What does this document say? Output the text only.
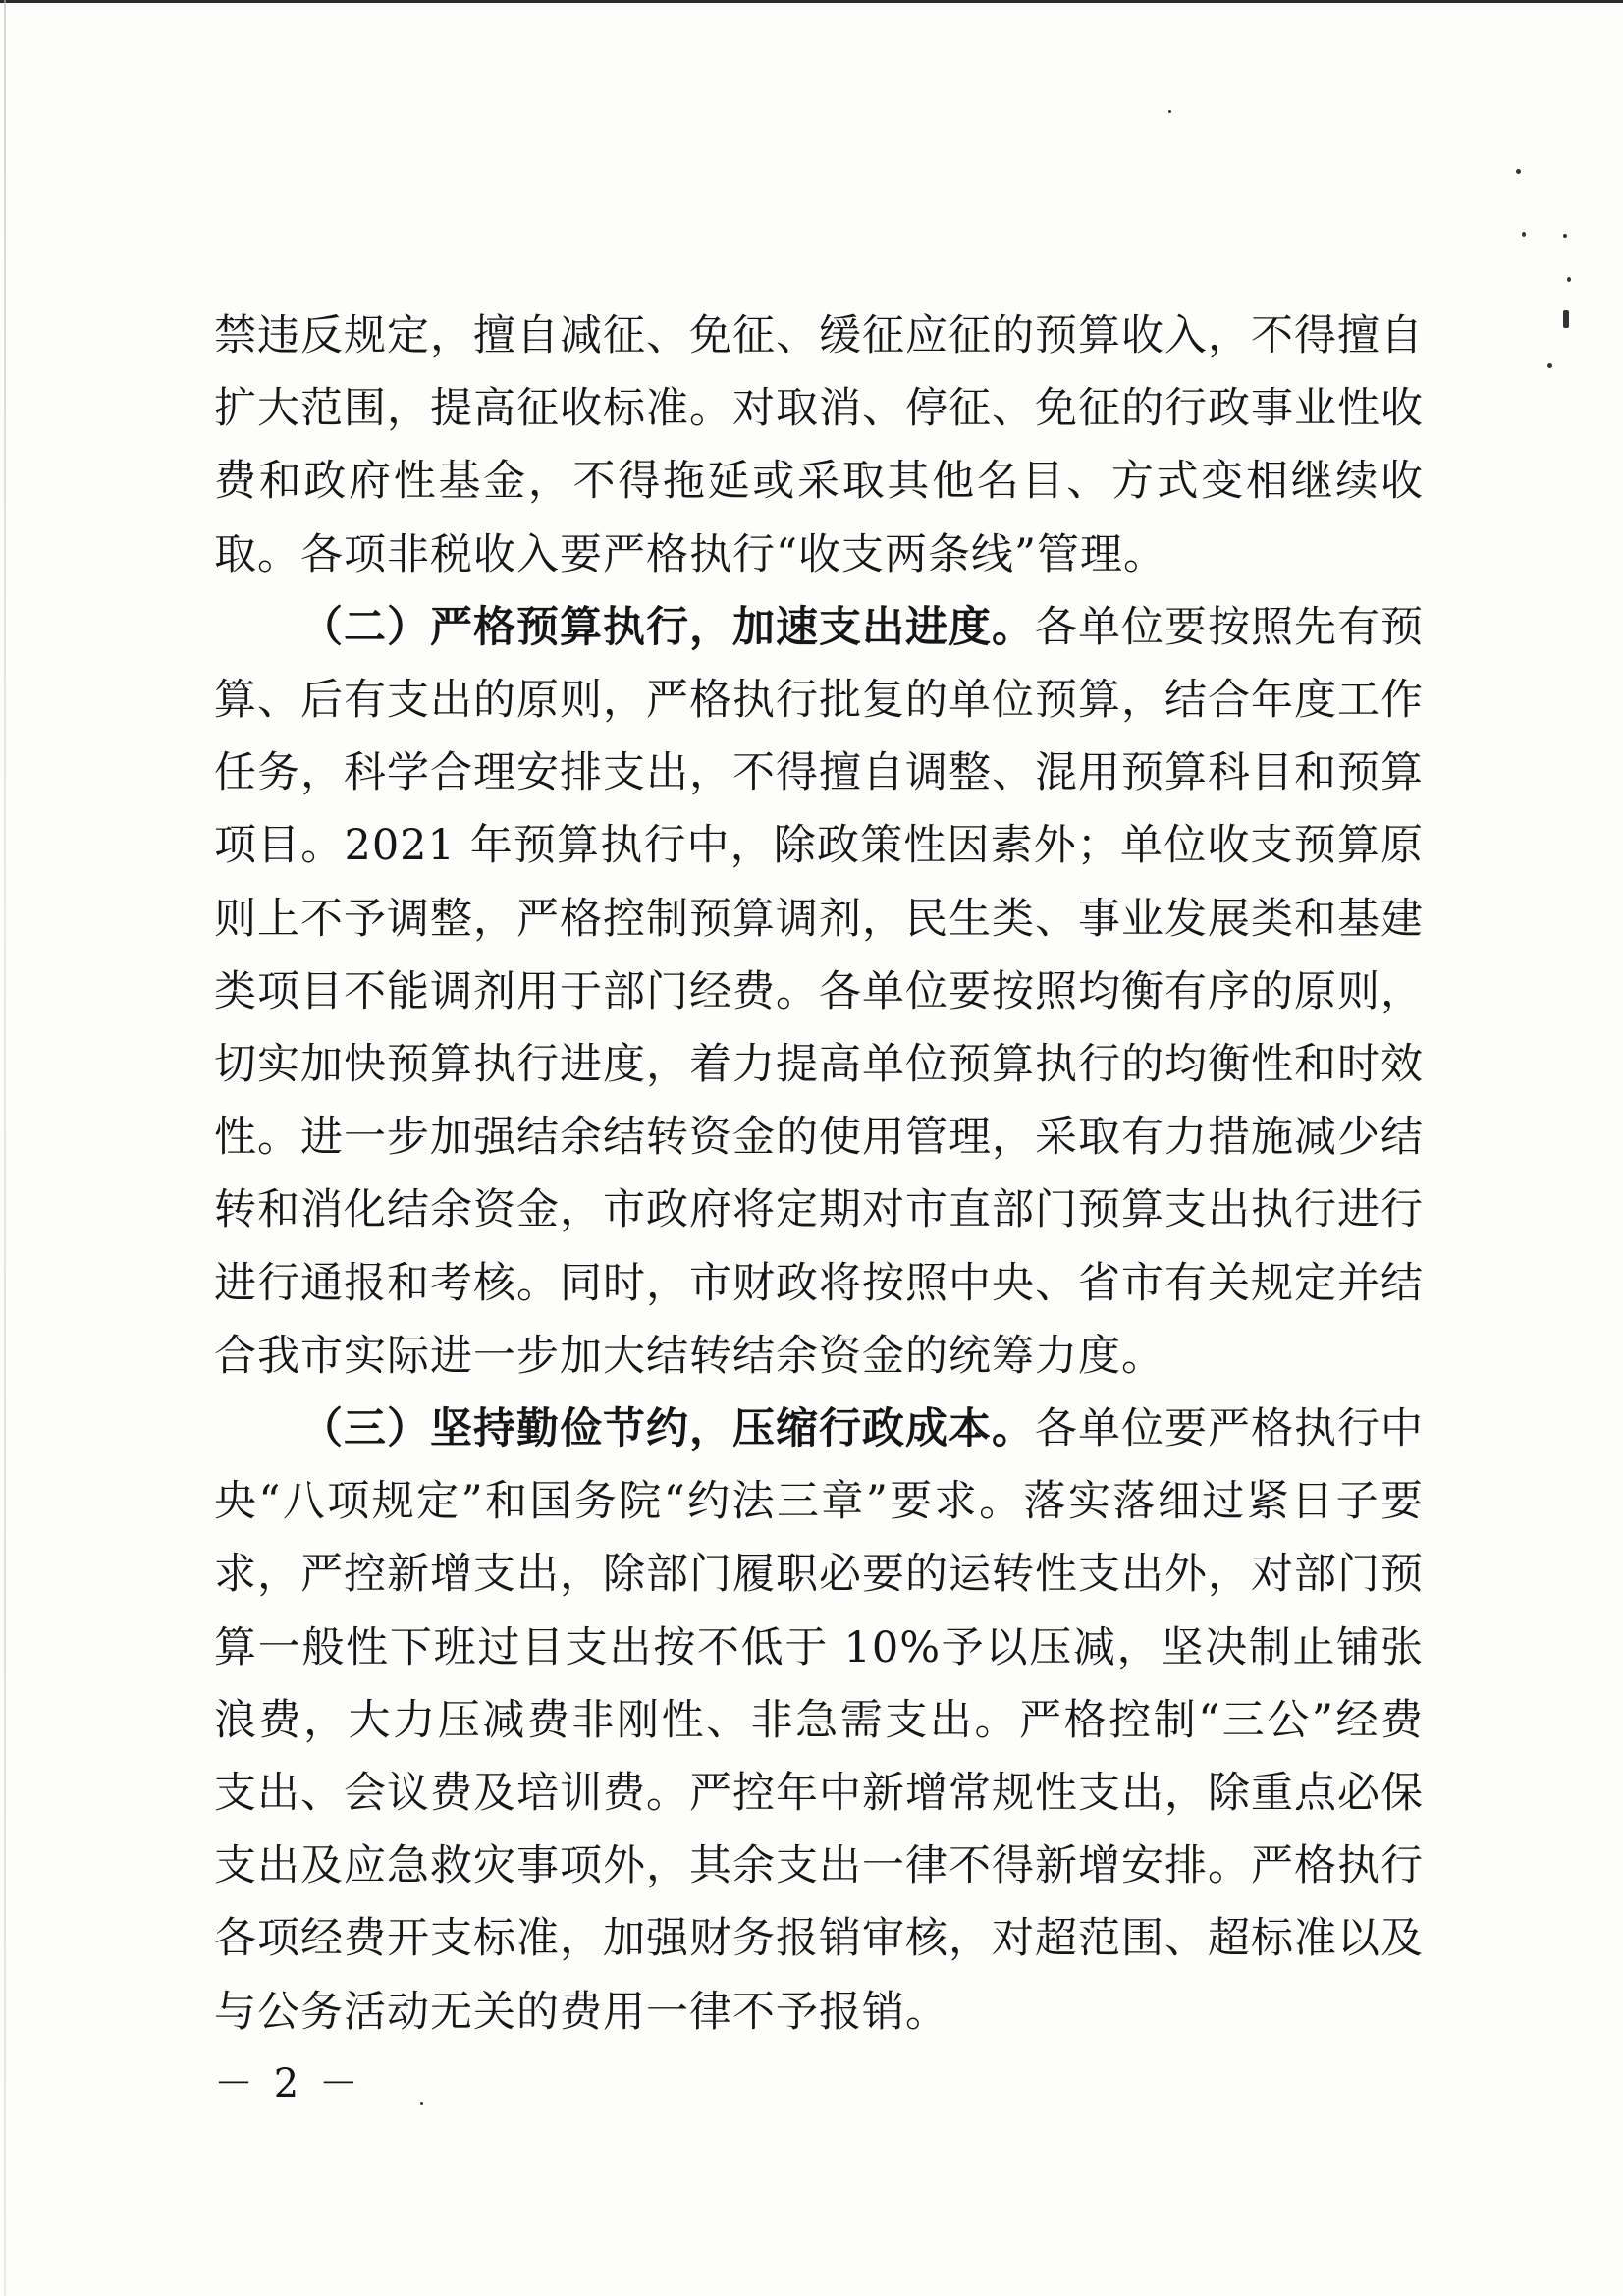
禁违反规定，擅自减征、免征、缓征应征的预算收入，不得擅自扩大范围，提高征收标准。对取消、停征、免征的行政事业性收费和政府性基金，不得拖延或采取其他名目、方式变相继续收取。各项非税收入要严格执行“收支两条线”管理。

（二）严格预算执行，加速支出进度。各单位要按照先有预算、后有支出的原则，严格执行批复的单位预算，结合年度工作任务，科学合理安排支出，不得擅自调整、混用预算科目和预算项目。2021 年预算执行中，除政策性因素外；单位收支预算原则上不予调整，严格控制预算调剂，民生类、事业发展类和基建类项目不能调剂用于部门经费。各单位要按照均衡有序的原则，切实加快预算执行进度，着力提高单位预算执行的均衡性和时效性。进一步加强结余结转资金的使用管理，采取有力措施减少结转和消化结余资金，市政府将定期对市直部门预算支出执行进行进行通报和考核。同时，市财政将按照中央、省市有关规定并结合我市实际进一步加大结转结余资金的统筹力度。

（三）坚持勤俭节约，压缩行政成本。各单位要严格执行中央“八项规定”和国务院“约法三章”要求。落实落细过紧日子要求，严控新增支出，除部门履职必要的运转性支出外，对部门预算一般性下班过目支出按不低于 10%予以压减，坚决制止铺张浪费，大力压减费非刚性、非急需支出。严格控制“三公”经费支出、会议费及培训费。严控年中新增常规性支出，除重点必保支出及应急救灾事项外，其余支出一律不得新增安排。严格执行各项经费开支标准，加强财务报销审核，对超范围、超标准以及与公务活动无关的费用一律不予报销。

－ 2 －
